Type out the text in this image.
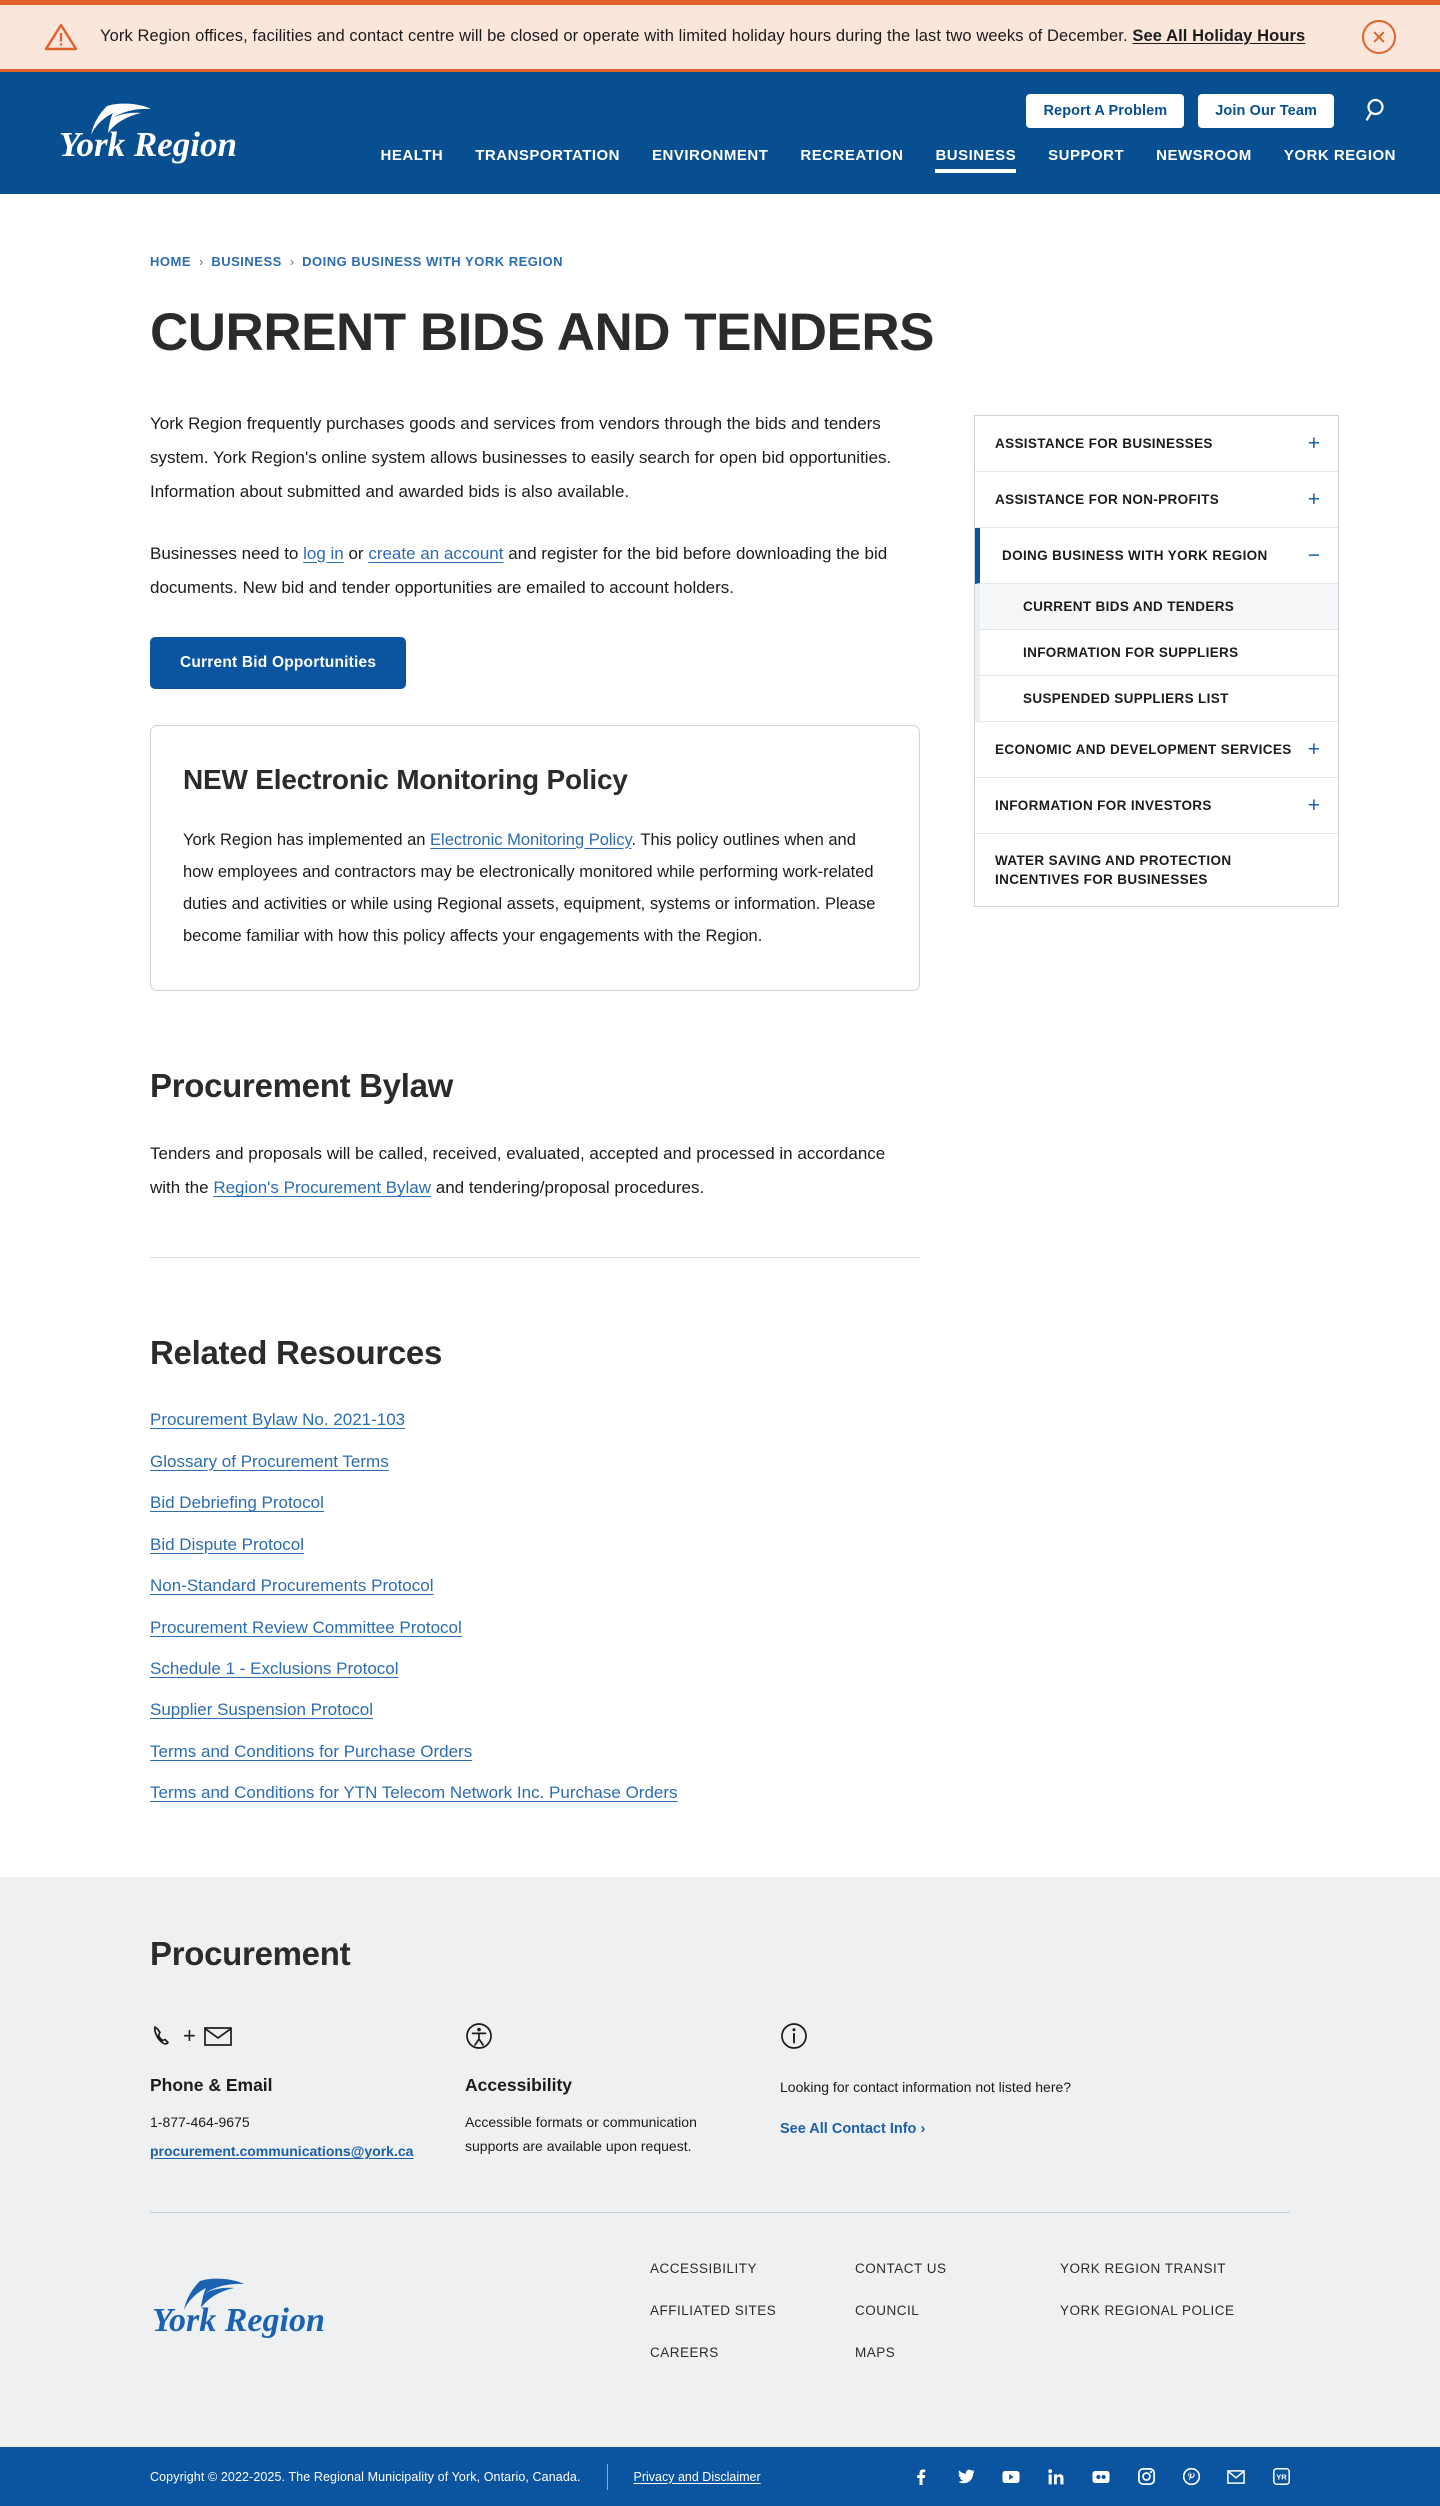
York Region offices, facilities and contact centre will be closed or operate with limited holiday hours during the last two weeks of December. See All Holiday Hours
York Region
Report A Problem	Join Our Team
HEALTH TRANSPORTATION ENVIRONMENT RECREATION BUSINESS SUPPORT NEWSROOM YORK REGION
HOME › BUSINESS › DOING BUSINESS WITH YORK REGION
CURRENT BIDS AND TENDERS

York Region frequently purchases goods and services from vendors through the bids and tenders system. York Region's online system allows businesses to easily search for open bid opportunities. Information about submitted and awarded bids is also available.

Businesses need to log in or create an account and register for the bid before downloading the bid documents. New bid and tender opportunities are emailed to account holders.

Current Bid Opportunities
NEW Electronic Monitoring Policy

York Region has implemented an Electronic Monitoring Policy. This policy outlines when and how employees and contractors may be electronically monitored while performing work-related duties and activities or while using Regional assets, equipment, systems or information. Please become familiar with how this policy affects your engagements with the Region.

Procurement Bylaw

Tenders and proposals will be called, received, evaluated, accepted and processed in accordance with the Region's Procurement Bylaw and tendering/proposal procedures.

Related Resources
Procurement Bylaw No. 2021-103
Glossary of Procurement Terms
Bid Debriefing Protocol
Bid Dispute Protocol
Non-Standard Procurements Protocol
Procurement Review Committee Protocol
Schedule 1 - Exclusions Protocol
Supplier Suspension Protocol
Terms and Conditions for Purchase Orders
Terms and Conditions for YTN Telecom Network Inc. Purchase Orders
ASSISTANCE FOR BUSINESSES	+
ASSISTANCE FOR NON-PROFITS	+
DOING BUSINESS WITH YORK REGION	−
CURRENT BIDS AND TENDERS
INFORMATION FOR SUPPLIERS
SUSPENDED SUPPLIERS LIST
ECONOMIC AND DEVELOPMENT SERVICES +
INFORMATION FOR INVESTORS	+
WATER SAVING AND PROTECTION INCENTIVES FOR BUSINESSES
Procurement
+
Phone & Email
1-877-464-9675
procurement.communications@york.ca
Accessibility

Accessible formats or communication supports are available upon request.

Looking for contact information not listed here?

See All Contact Info ›
York Region
ACCESSIBILITY
AFFILIATED SITES
CAREERS
CONTACT US
COUNCIL
MAPS
YORK REGION TRANSIT
YORK REGIONAL POLICE
Copyright © 2022-2025. The Regional Municipality of York, Ontario, Canada.	Privacy and Disclaimer	YR
